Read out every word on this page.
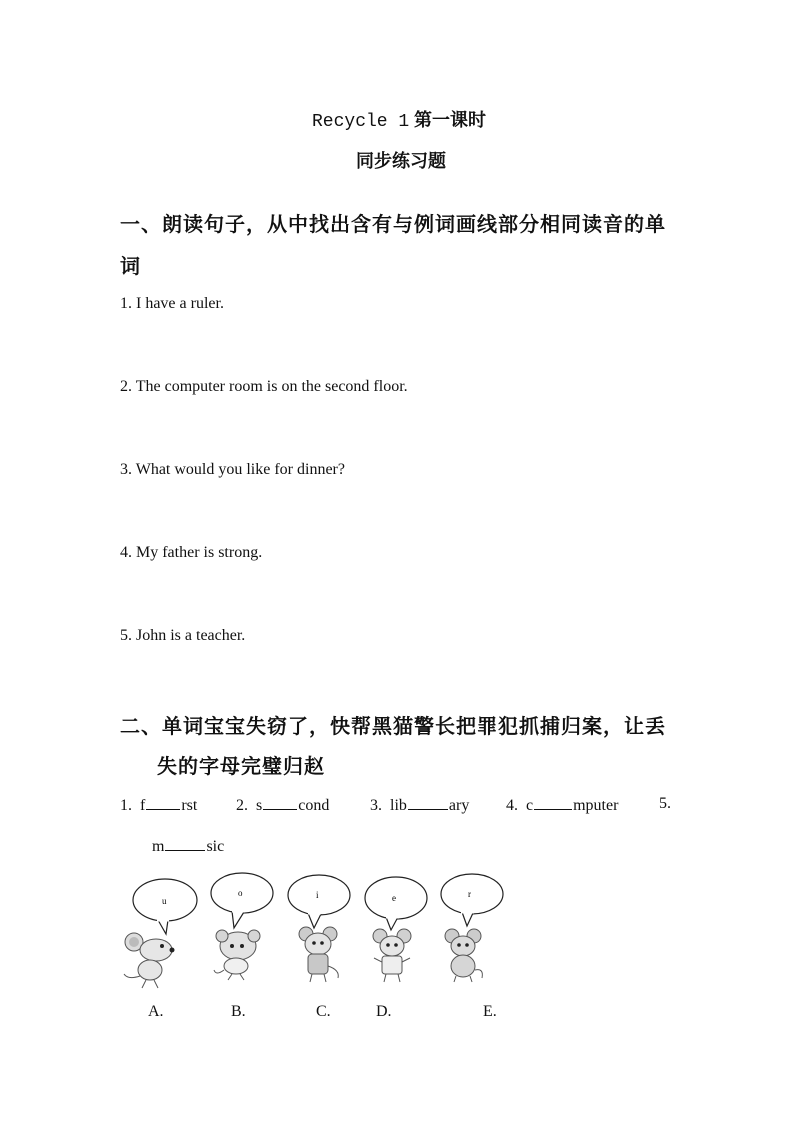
Recycle 1 第一课时
同步练习题
一、朗读句子，从中找出含有与例词画线部分相同读音的单
词
1. I have a ruler.
2. The computer room is on the second floor.
3. What would you like for dinner?
4. My father is strong.
5. John is a teacher.
二、单词宝宝失窃了，快帮黑猫警长把罪犯抓捕归案，让丢
失的字母完璧归赵
1. f rst 2. s cond	3. lib	ary 4. c	mputer	5.
m	sic
u
o	i	e	r
A.	B.	C.	D.	E.
